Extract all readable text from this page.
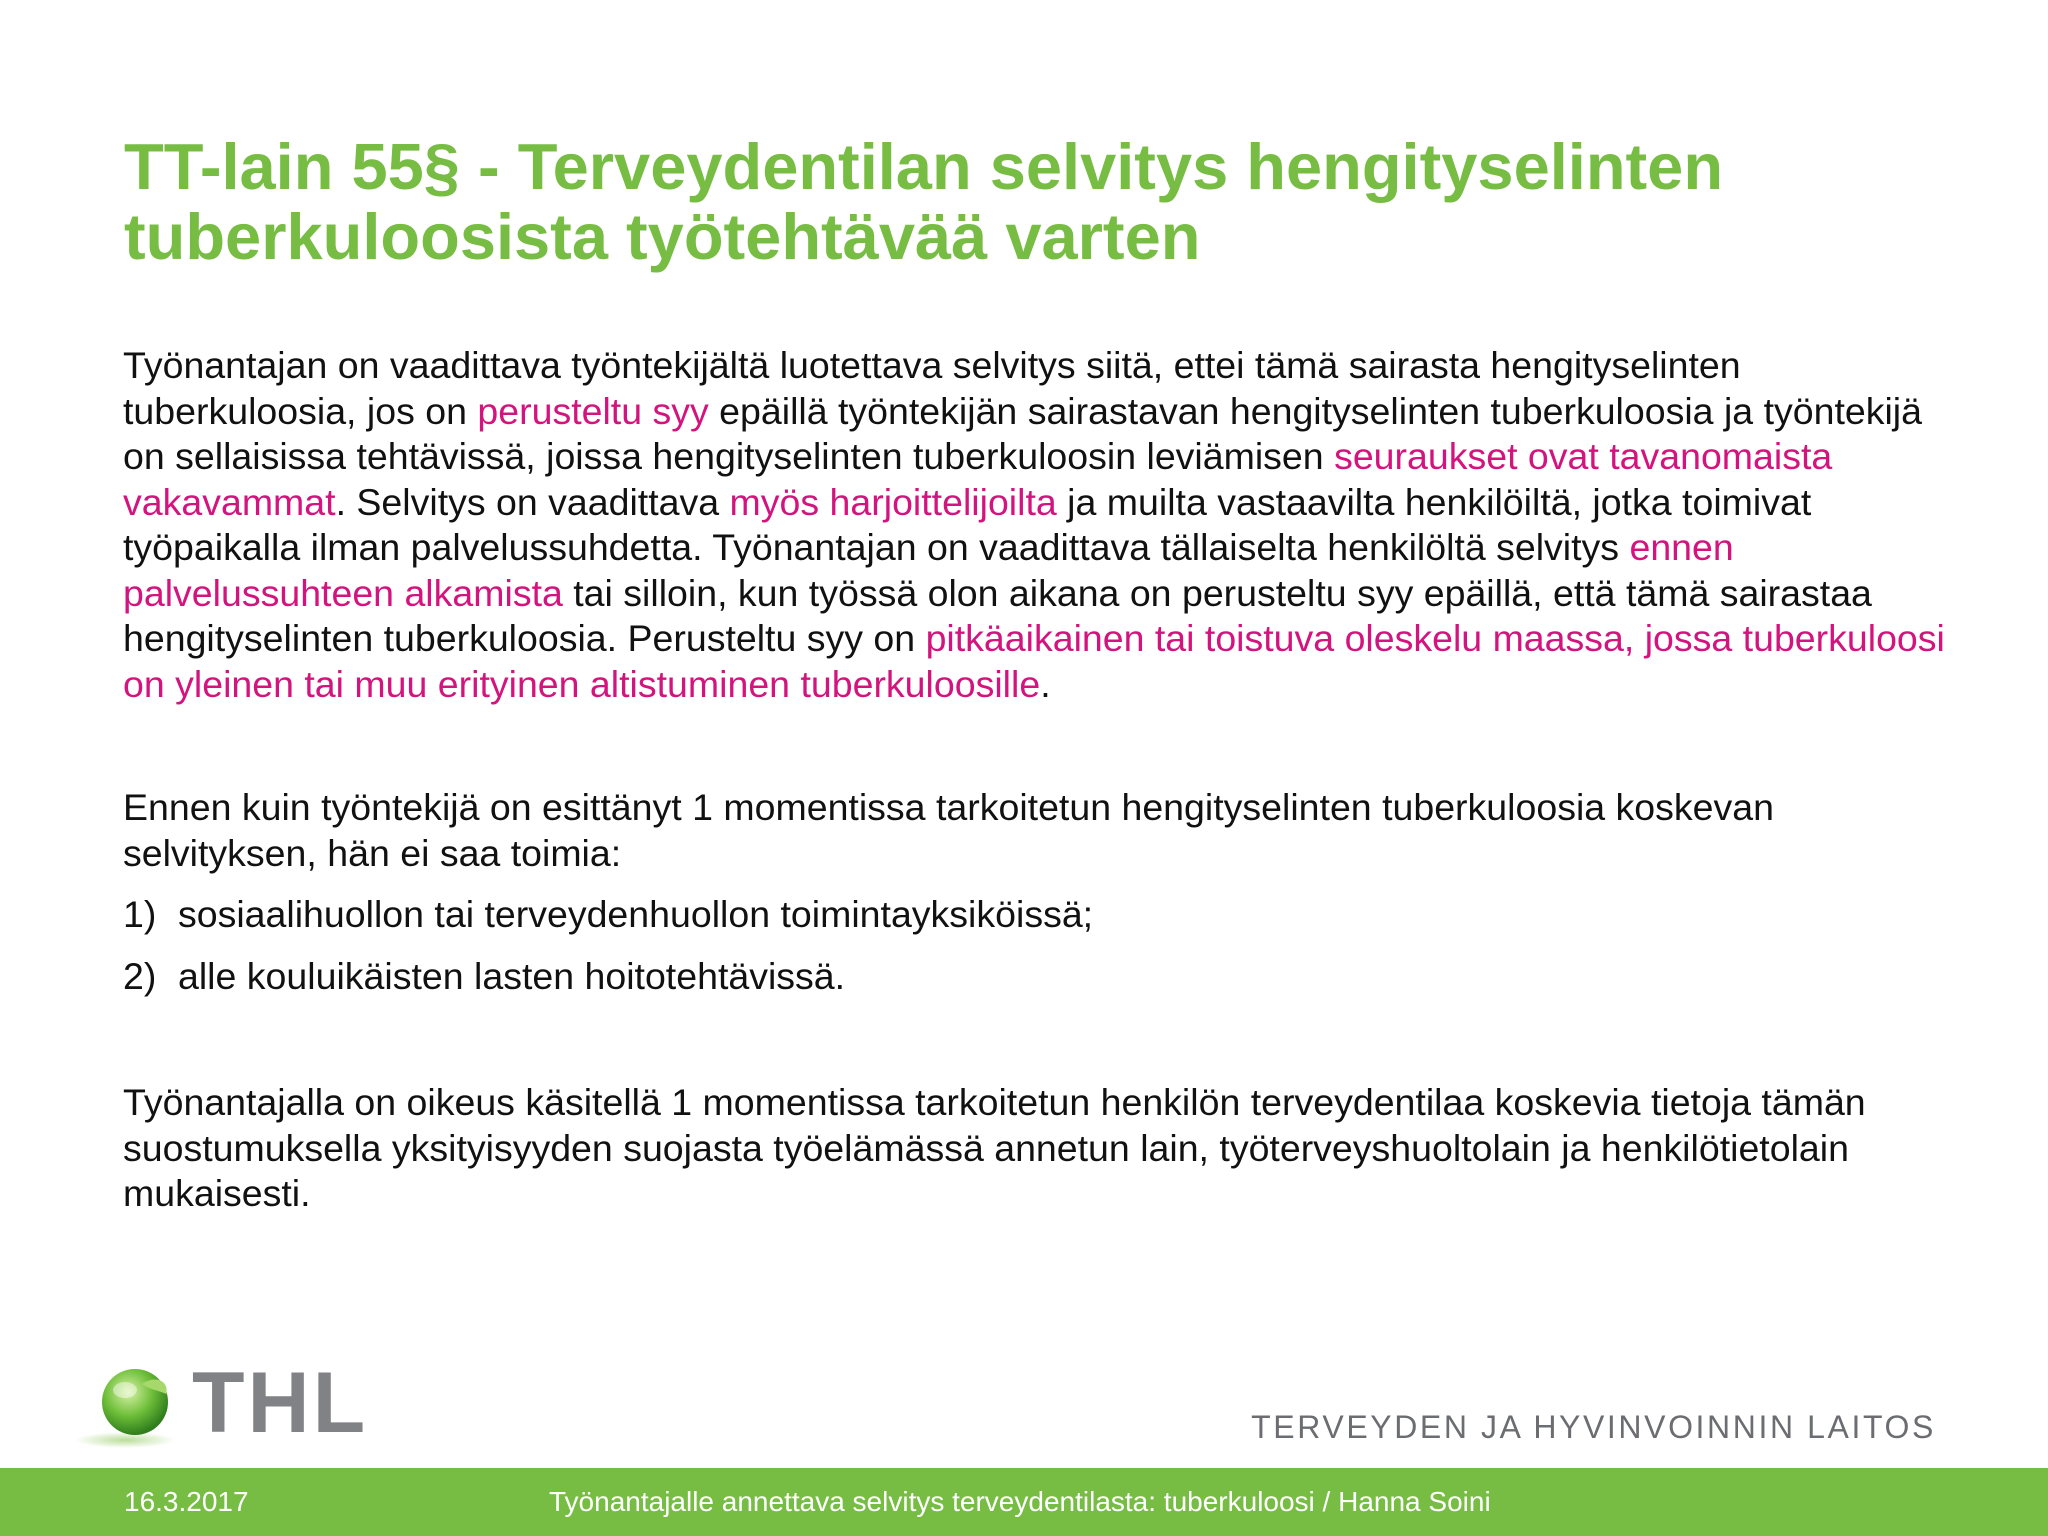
TT-lain 55§ - Terveydentilan selvitys hengityselinten
tuberkuloosista työtehtävää varten

Työnantajan on vaadittava työntekijältä luotettava selvitys siitä, ettei tämä sairasta hengityselinten tuberkuloosia, jos on perusteltu syy epäillä työntekijän sairastavan hengityselinten tuberkuloosia ja työntekijä on sellaisissa tehtävissä, joissa hengityselinten tuberkuloosin leviämisen seuraukset ovat tavanomaista vakavammat. Selvitys on vaadittava myös harjoittelijoilta ja muilta vastaavilta henkilöiltä, jotka toimivat työpaikalla ilman palvelussuhdetta. Työnantajan on vaadittava tällaiselta henkilöltä selvitys ennen palvelussuhteen alkamista tai silloin, kun työssä olon aikana on perusteltu syy epäillä, että tämä sairastaa hengityselinten tuberkuloosia. Perusteltu syy on pitkäaikainen tai toistuva oleskelu maassa, jossa tuberkuloosi on yleinen tai muu erityinen altistuminen tuberkuloosille.

Ennen kuin työntekijä on esittänyt 1 momentissa tarkoitetun hengityselinten tuberkuloosia koskevan selvityksen, hän ei saa toimia:

1) sosiaalihuollon tai terveydenhuollon toimintayksiköissä;
2) alle kouluikäisten lasten hoitotehtävissä.

Työnantajalla on oikeus käsitellä 1 momentissa tarkoitetun henkilön terveydentilaa koskevia tietoja tämän suostumuksella yksityisyyden suojasta työelämässä annetun lain, työterveyshuoltolain ja henkilötietolain mukaisesti.

THL	TERVEYDEN JA HYVINVOINNIN LAITOS
16.3.2017	Työnantajalle annettava selvitys terveydentilasta: tuberkuloosi / Hanna Soini
